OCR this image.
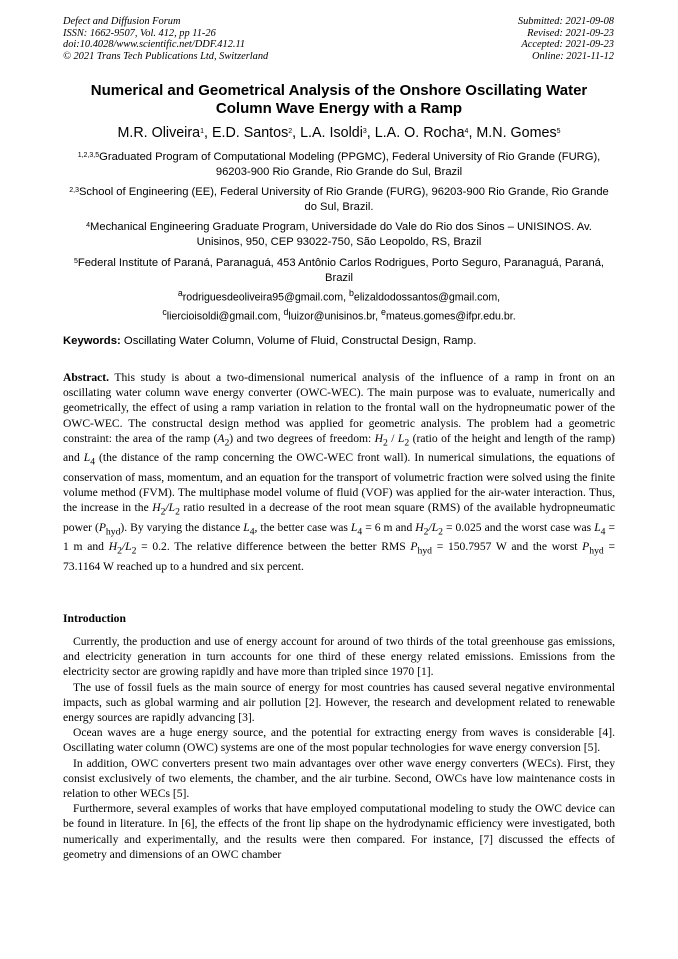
Defect and Diffusion Forum
ISSN: 1662-9507, Vol. 412, pp 11-26
doi:10.4028/www.scientific.net/DDF.412.11
© 2021 Trans Tech Publications Ltd, Switzerland
Submitted: 2021-09-08
Revised: 2021-09-23
Accepted: 2021-09-23
Online: 2021-11-12
Numerical and Geometrical Analysis of the Onshore Oscillating Water Column Wave Energy with a Ramp
M.R. Oliveira$^1$, E.D. Santos$^2$, L.A. Isoldi$^3$, L.A. O. Rocha$^4$, M.N. Gomes$^5$
$^{1,2,3,5}$Graduated Program of Computational Modeling (PPGMC), Federal University of Rio Grande (FURG), 96203-900 Rio Grande, Rio Grande do Sul, Brazil
$^{2,3}$School of Engineering (EE), Federal University of Rio Grande (FURG), 96203-900 Rio Grande, Rio Grande do Sul, Brazil.
$^4$Mechanical Engineering Graduate Program, Universidade do Vale do Rio dos Sinos – UNISINOS. Av. Unisinos, 950, CEP 93022-750, São Leopoldo, RS, Brazil
$^5$Federal Institute of Paraná, Paranaguá, 453 Antônio Carlos Rodrigues, Porto Seguro, Paranaguá, Paraná, Brazil
$^a$rodriguesdeoliveira95@gmail.com, $^b$elizaldodossantos@gmail.com,
$^c$liercioisoldi@gmail.com, $^d$luizor@unisinos.br, $^e$mateus.gomes@ifpr.edu.br.
Keywords: Oscillating Water Column, Volume of Fluid, Constructal Design, Ramp.
Abstract. This study is about a two-dimensional numerical analysis of the influence of a ramp in front on an oscillating water column wave energy converter (OWC-WEC). The main purpose was to evaluate, numerically and geometrically, the effect of using a ramp variation in relation to the frontal wall on the hydropneumatic power of the OWC-WEC. The constructal design method was applied for geometric analysis. The problem had a geometric constraint: the area of the ramp $(A_2)$ and two degrees of freedom: $H_2 / L_2$ (ratio of the height and length of the ramp) and $L_4$ (the distance of the ramp concerning the OWC-WEC front wall). In numerical simulations, the equations of conservation of mass, momentum, and an equation for the transport of volumetric fraction were solved using the finite volume method (FVM). The multiphase model volume of fluid (VOF) was applied for the air-water interaction. Thus, the increase in the $H_2/L_2$ ratio resulted in a decrease of the root mean square (RMS) of the available hydropneumatic power $(P_{hyd})$. By varying the distance $L_4$, the better case was $L_4 = 6$ m and $H_2/L_2 = 0.025$ and the worst case was $L_4 = 1$ m and $H_2/L_2 = 0.2$. The relative difference between the better RMS $P_{hyd} = 150.7957$ W and the worst $P_{hyd} = 73.1164$ W reached up to a hundred and six percent.
Introduction

Currently, the production and use of energy account for around of two thirds of the total greenhouse gas emissions, and electricity generation in turn accounts for one third of these energy related emissions. Emissions from the electricity sector are growing rapidly and have more than tripled since 1970 [1].

The use of fossil fuels as the main source of energy for most countries has caused several negative environmental impacts, such as global warming and air pollution [2]. However, the research and development related to renewable energy sources are rapidly advancing [3].

Ocean waves are a huge energy source, and the potential for extracting energy from waves is considerable [4]. Oscillating water column (OWC) systems are one of the most popular technologies for wave energy conversion [5].

In addition, OWC converters present two main advantages over other wave energy converters (WECs). First, they consist exclusively of two elements, the chamber, and the air turbine. Second, OWCs have low maintenance costs in relation to other WECs [5].

Furthermore, several examples of works that have employed computational modeling to study the OWC device can be found in literature. In [6], the effects of the front lip shape on the hydrodynamic efficiency were investigated, both numerically and experimentally, and the results were then compared. For instance, [7] discussed the effects of geometry and dimensions of an OWC chamber
